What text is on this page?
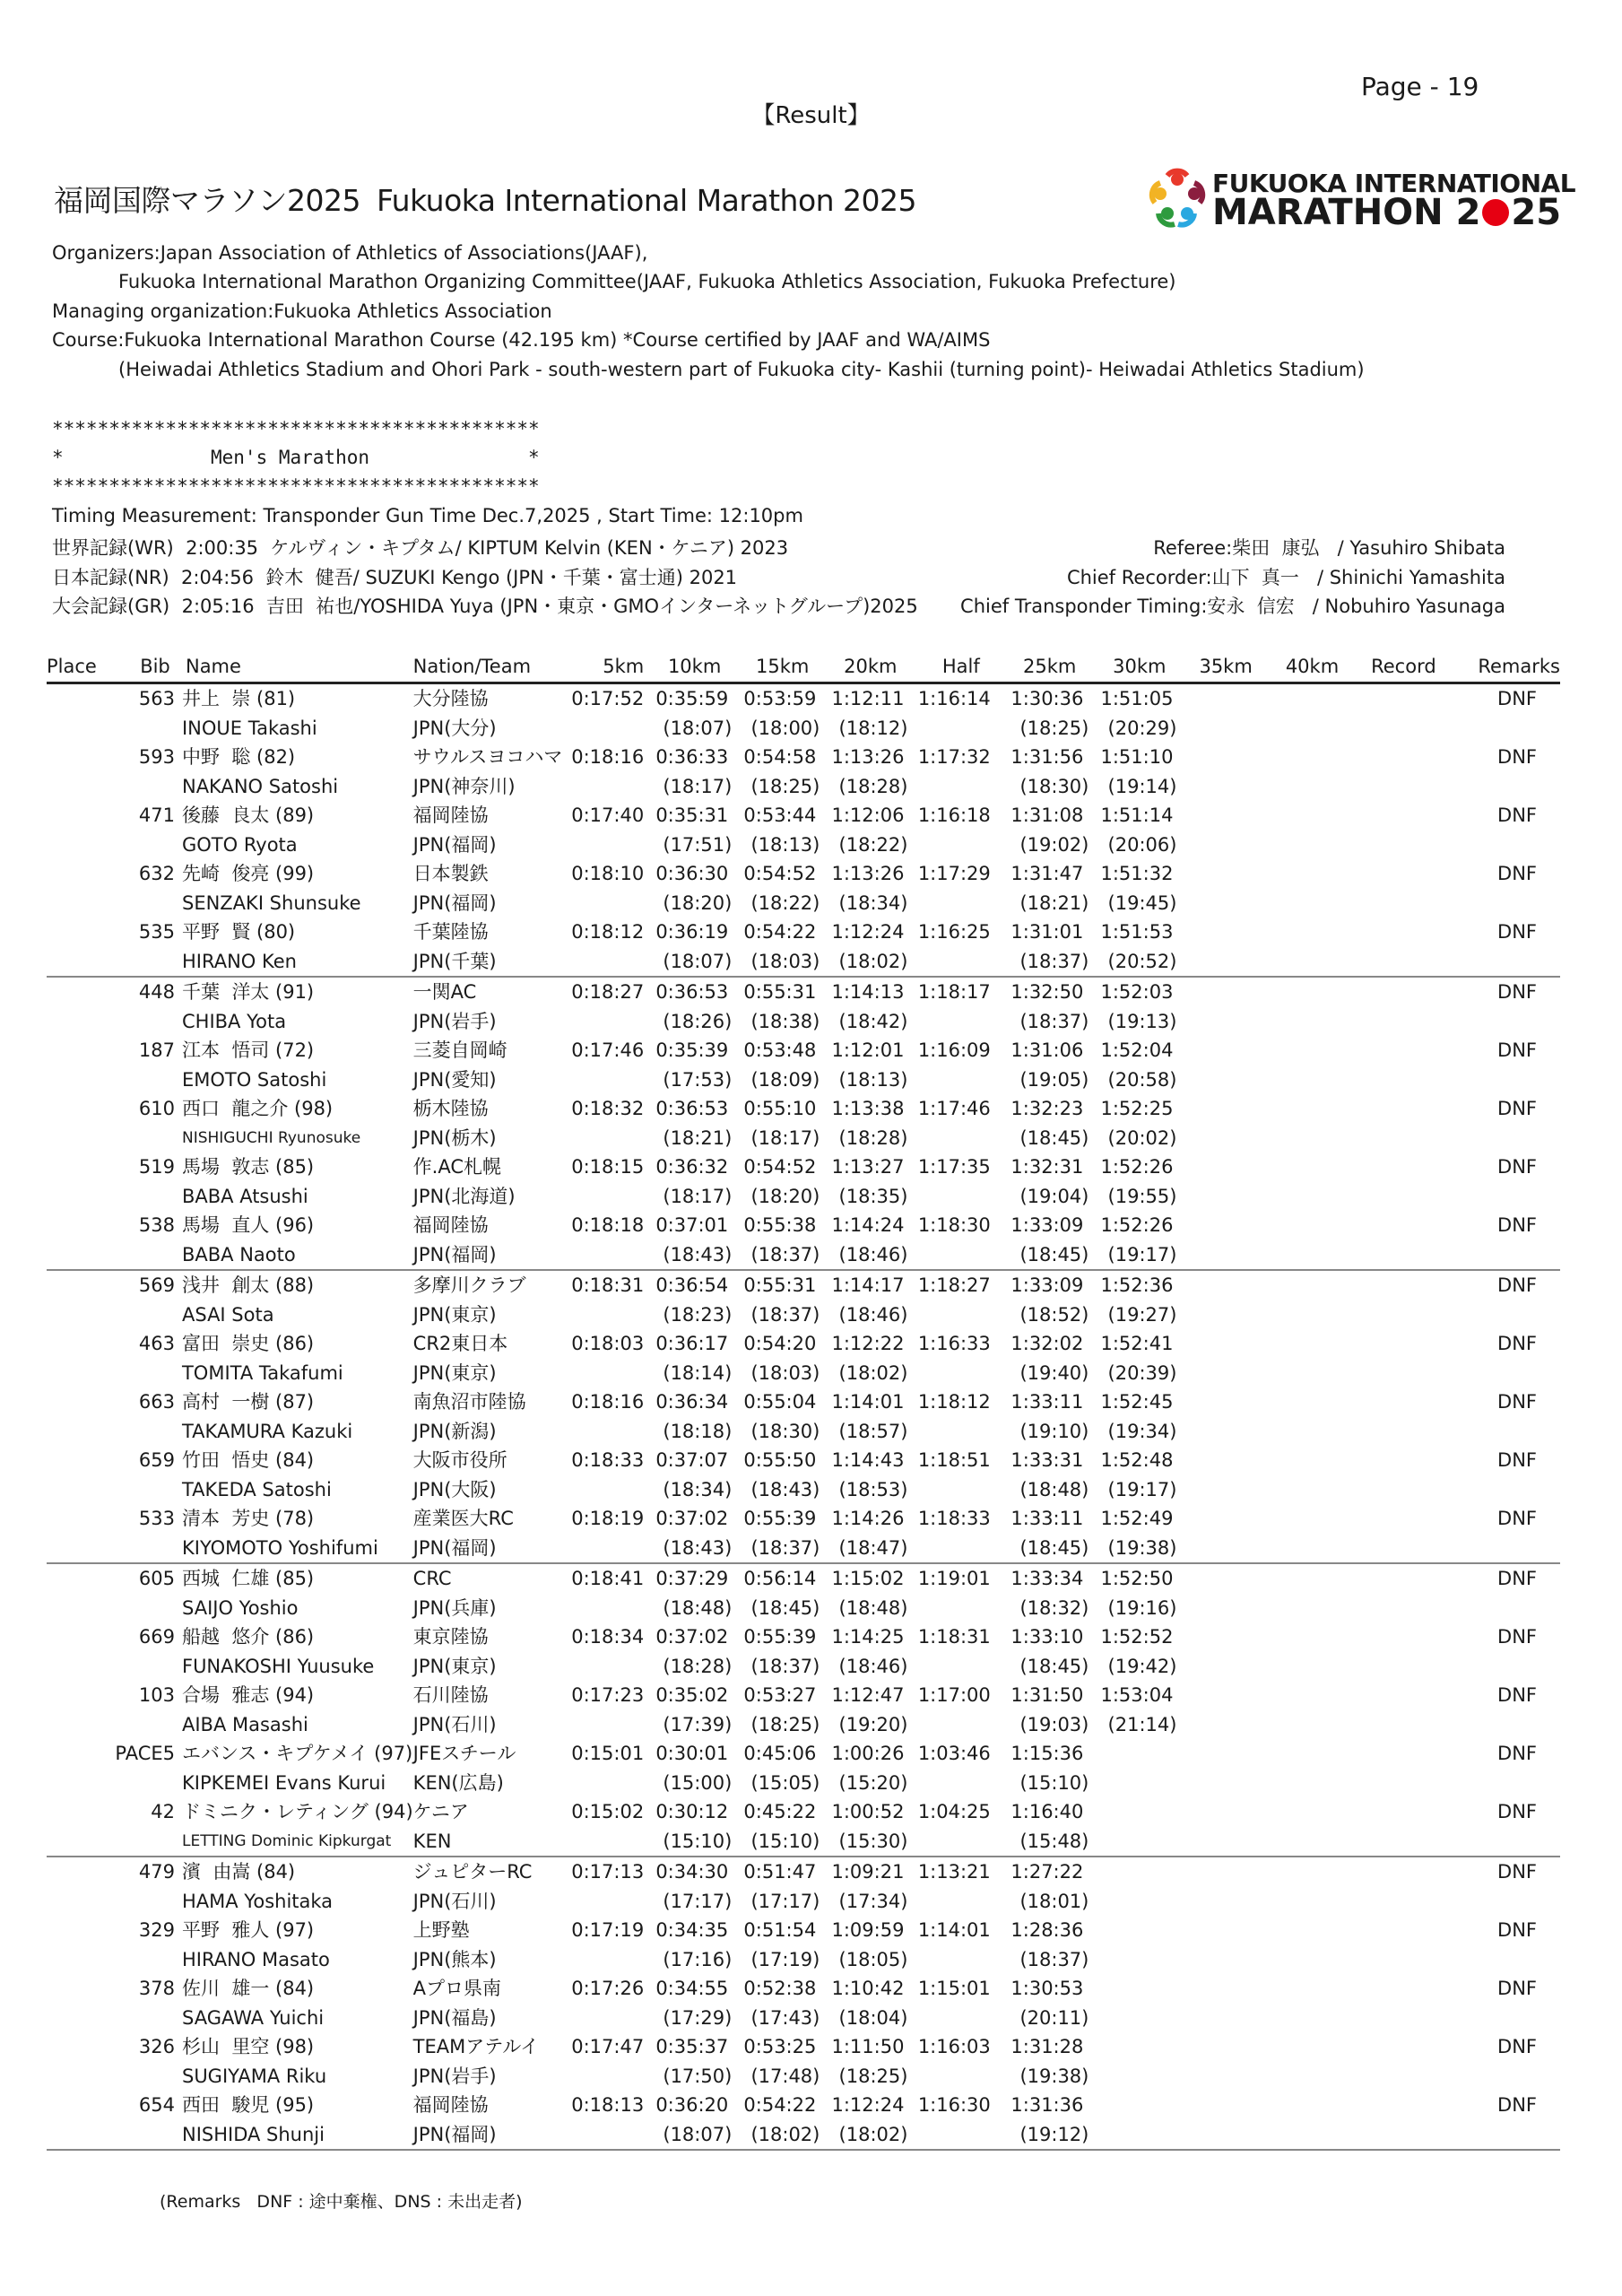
Page - 19
【Result】
福岡国際マラソン2025 Fukuoka International Marathon 2025	FUKUOKA INTERNATIONAL
MARATHON 2 25
Organizers:Japan Association of Athletics of Associations(JAAF),
Fukuoka International Marathon Organizing Committee(JAAF, Fukuoka Athletics Association, Fukuoka Prefecture)
Managing organization:Fukuoka Athletics Association
Course:Fukuoka International Marathon Course (42.195 km) *Course certified by JAAF and WA/AIMS
(Heiwadai Athletics Stadium and Ohori Park - south-western part of Fukuoka city- Kashii (turning point)- Heiwadai Athletics Stadium)
*******************************************
*             Men's Marathon              *
*******************************************
Timing Measurement: Transponder Gun Time Dec.7,2025 , Start Time: 12:10pm
世界記録(WR)  2:00:35  ケルヴィン・キプタム/ KIPTUM Kelvin (KEN・ケニア) 2023
日本記録(NR)  2:04:56  鈴木  健吾/ SUZUKI Kengo (JPN・千葉・富士通) 2021
大会記録(GR)  2:05:16  吉田  祐也/YOSHIDA Yuya (JPN・東京・GMOインターネットグループ)2025
Referee:柴田  康弘   / Yasuhiro Shibata
Chief Recorder:山下  真一   / Shinichi Yamashita
Chief Transponder Timing:安永  信宏   / Nobuhiro Yasunaga
Place	Bib	Name	Nation/Team	5km	10km	15km	20km	Half	25km	30km	35km	40km	Record	Remarks
	563	井上  崇 (81)	大分陸協	0:17:52	0:35:59	0:53:59	1:12:11	1:16:14	1:30:36	1:51:05				DNF
		INOUE Takashi	JPN(大分)		(18:07)	(18:00)	(18:12)		(18:25)	(20:29)				
	593	中野  聡 (82)	サウルスヨコハマ	0:18:16	0:36:33	0:54:58	1:13:26	1:17:32	1:31:56	1:51:10				DNF
		NAKANO Satoshi	JPN(神奈川)		(18:17)	(18:25)	(18:28)		(18:30)	(19:14)				
	471	後藤  良太 (89)	福岡陸協	0:17:40	0:35:31	0:53:44	1:12:06	1:16:18	1:31:08	1:51:14				DNF
		GOTO Ryota	JPN(福岡)		(17:51)	(18:13)	(18:22)		(19:02)	(20:06)				
	632	先崎  俊亮 (99)	日本製鉄	0:18:10	0:36:30	0:54:52	1:13:26	1:17:29	1:31:47	1:51:32				DNF
		SENZAKI Shunsuke	JPN(福岡)		(18:20)	(18:22)	(18:34)		(18:21)	(19:45)				
	535	平野  賢 (80)	千葉陸協	0:18:12	0:36:19	0:54:22	1:12:24	1:16:25	1:31:01	1:51:53				DNF
		HIRANO Ken	JPN(千葉)		(18:07)	(18:03)	(18:02)		(18:37)	(20:52)				
	448	千葉  洋太 (91)	一関AC	0:18:27	0:36:53	0:55:31	1:14:13	1:18:17	1:32:50	1:52:03				DNF
		CHIBA Yota	JPN(岩手)		(18:26)	(18:38)	(18:42)		(18:37)	(19:13)				
	187	江本  悟司 (72)	三菱自岡崎	0:17:46	0:35:39	0:53:48	1:12:01	1:16:09	1:31:06	1:52:04				DNF
		EMOTO Satoshi	JPN(愛知)		(17:53)	(18:09)	(18:13)		(19:05)	(20:58)				
	610	西口  龍之介 (98)	栃木陸協	0:18:32	0:36:53	0:55:10	1:13:38	1:17:46	1:32:23	1:52:25				DNF
		NISHIGUCHI Ryunosuke	JPN(栃木)		(18:21)	(18:17)	(18:28)		(18:45)	(20:02)				
	519	馬場  敦志 (85)	作.AC札幌	0:18:15	0:36:32	0:54:52	1:13:27	1:17:35	1:32:31	1:52:26				DNF
		BABA Atsushi	JPN(北海道)		(18:17)	(18:20)	(18:35)		(19:04)	(19:55)				
	538	馬場  直人 (96)	福岡陸協	0:18:18	0:37:01	0:55:38	1:14:24	1:18:30	1:33:09	1:52:26				DNF
		BABA Naoto	JPN(福岡)		(18:43)	(18:37)	(18:46)		(18:45)	(19:17)				
	569	浅井  創太 (88)	多摩川クラブ	0:18:31	0:36:54	0:55:31	1:14:17	1:18:27	1:33:09	1:52:36				DNF
		ASAI Sota	JPN(東京)		(18:23)	(18:37)	(18:46)		(18:52)	(19:27)				
	463	富田  崇史 (86)	CR2東日本	0:18:03	0:36:17	0:54:20	1:12:22	1:16:33	1:32:02	1:52:41				DNF
		TOMITA Takafumi	JPN(東京)		(18:14)	(18:03)	(18:02)		(19:40)	(20:39)				
	663	高村  一樹 (87)	南魚沼市陸協	0:18:16	0:36:34	0:55:04	1:14:01	1:18:12	1:33:11	1:52:45				DNF
		TAKAMURA Kazuki	JPN(新潟)		(18:18)	(18:30)	(18:57)		(19:10)	(19:34)				
	659	竹田  悟史 (84)	大阪市役所	0:18:33	0:37:07	0:55:50	1:14:43	1:18:51	1:33:31	1:52:48				DNF
		TAKEDA Satoshi	JPN(大阪)		(18:34)	(18:43)	(18:53)		(18:48)	(19:17)				
	533	清本  芳史 (78)	産業医大RC	0:18:19	0:37:02	0:55:39	1:14:26	1:18:33	1:33:11	1:52:49				DNF
		KIYOMOTO Yoshifumi	JPN(福岡)		(18:43)	(18:37)	(18:47)		(18:45)	(19:38)				
	605	西城  仁雄 (85)	CRC	0:18:41	0:37:29	0:56:14	1:15:02	1:19:01	1:33:34	1:52:50				DNF
		SAIJO Yoshio	JPN(兵庫)		(18:48)	(18:45)	(18:48)		(18:32)	(19:16)				
	669	船越  悠介 (86)	東京陸協	0:18:34	0:37:02	0:55:39	1:14:25	1:18:31	1:33:10	1:52:52				DNF
		FUNAKOSHI Yuusuke	JPN(東京)		(18:28)	(18:37)	(18:46)		(18:45)	(19:42)				
	103	合場  雅志 (94)	石川陸協	0:17:23	0:35:02	0:53:27	1:12:47	1:17:00	1:31:50	1:53:04				DNF
		AIBA Masashi	JPN(石川)		(17:39)	(18:25)	(19:20)		(19:03)	(21:14)				
	PACE5	エバンス・キプケメイ (97)	JFEスチール	0:15:01	0:30:01	0:45:06	1:00:26	1:03:46	1:15:36					DNF
		KIPKEMEI Evans Kurui	KEN(広島)		(15:00)	(15:05)	(15:20)		(15:10)					
	42	ドミニク・レティング (94)	ケニア	0:15:02	0:30:12	0:45:22	1:00:52	1:04:25	1:16:40					DNF
		LETTING Dominic Kipkurgat	KEN		(15:10)	(15:10)	(15:30)		(15:48)					
	479	濱  由嵩 (84)	ジュピターRC	0:17:13	0:34:30	0:51:47	1:09:21	1:13:21	1:27:22					DNF
		HAMA Yoshitaka	JPN(石川)		(17:17)	(17:17)	(17:34)		(18:01)					
	329	平野  雅人 (97)	上野塾	0:17:19	0:34:35	0:51:54	1:09:59	1:14:01	1:28:36					DNF
		HIRANO Masato	JPN(熊本)		(17:16)	(17:19)	(18:05)		(18:37)					
	378	佐川  雄一 (84)	Aプロ県南	0:17:26	0:34:55	0:52:38	1:10:42	1:15:01	1:30:53					DNF
		SAGAWA Yuichi	JPN(福島)		(17:29)	(17:43)	(18:04)		(20:11)					
	326	杉山  里空 (98)	TEAMアテルイ	0:17:47	0:35:37	0:53:25	1:11:50	1:16:03	1:31:28					DNF
		SUGIYAMA Riku	JPN(岩手)		(17:50)	(17:48)	(18:25)		(19:38)					
	654	西田  駿児 (95)	福岡陸協	0:18:13	0:36:20	0:54:22	1:12:24	1:16:30	1:31:36					DNF
		NISHIDA Shunji	JPN(福岡)		(18:07)	(18:02)	(18:02)		(19:12)					
(Remarks   DNF : 途中棄権、DNS : 未出走者)
